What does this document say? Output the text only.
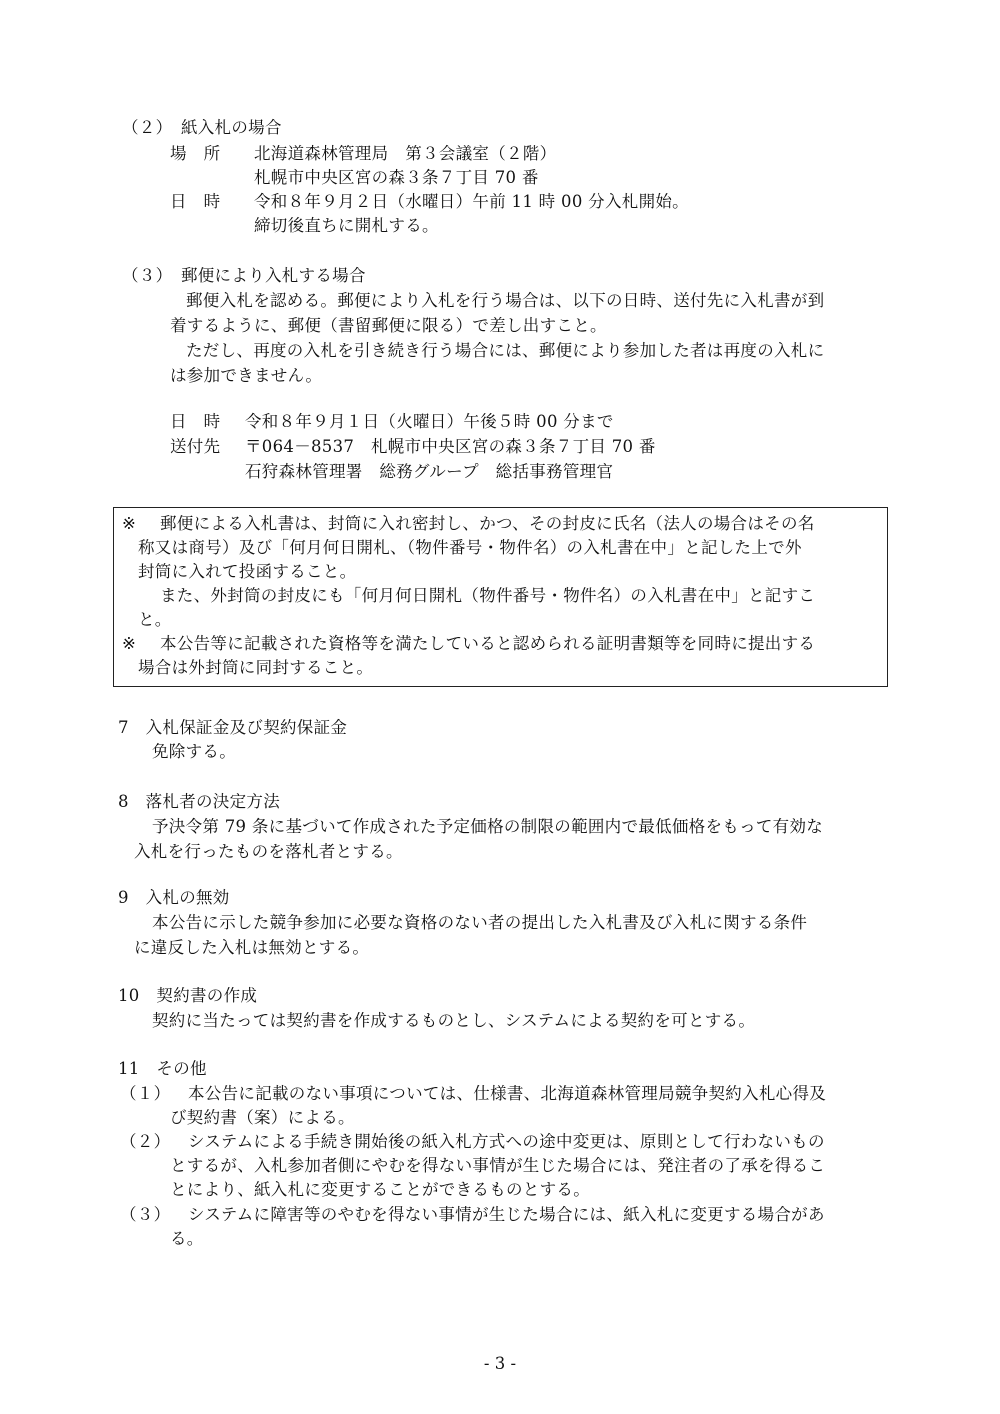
（２）　紙入札の場合
場　所 北海道森林管理局　第３会議室（２階）
札幌市中央区宮の森３条７丁目 70 番
日　時 令和８年９月２日（水曜日）午前 11 時 00 分入札開始。
締切後直ちに開札する。
（３）　郵便により入札する場合
郵便入札を認める。郵便により入札を行う場合は、以下の日時、送付先に入札書が到
着するように、郵便（書留郵便に限る）で差し出すこと。
ただし、再度の入札を引き続き行う場合には、郵便により参加した者は再度の入札に
は参加できません。
日　時 令和８年９月１日（火曜日）午後５時 00 分まで
送付先 〒064－8537　札幌市中央区宮の森３条７丁目 70 番
石狩森林管理署　総務グループ　総括事務管理官
※ 郵便による入札書は、封筒に入れ密封し、かつ、その封皮に氏名（法人の場合はその名
称又は商号）及び「何月何日開札、（物件番号・物件名）の入札書在中」と記した上で外
封筒に入れて投函すること。
また、外封筒の封皮にも「何月何日開札（物件番号・物件名）の入札書在中」と記すこ
と。
※ 本公告等に記載された資格等を満たしていると認められる証明書類等を同時に提出する
場合は外封筒に同封すること。
7　入札保証金及び契約保証金
免除する。
8　落札者の決定方法
予決令第 79 条に基づいて作成された予定価格の制限の範囲内で最低価格をもって有効な
入札を行ったものを落札者とする。
9　入札の無効
本公告に示した競争参加に必要な資格のない者の提出した入札書及び入札に関する条件
に違反した入札は無効とする。
10　契約書の作成
契約に当たっては契約書を作成するものとし、システムによる契約を可とする。
11　その他
（１） 本公告に記載のない事項については、仕様書、北海道森林管理局競争契約入札心得及
び契約書（案）による。
（２） システムによる手続き開始後の紙入札方式への途中変更は、原則として行わないもの
とするが、入札参加者側にやむを得ない事情が生じた場合には、発注者の了承を得るこ
とにより、紙入札に変更することができるものとする。
（３） システムに障害等のやむを得ない事情が生じた場合には、紙入札に変更する場合があ
る。
- 3 -
